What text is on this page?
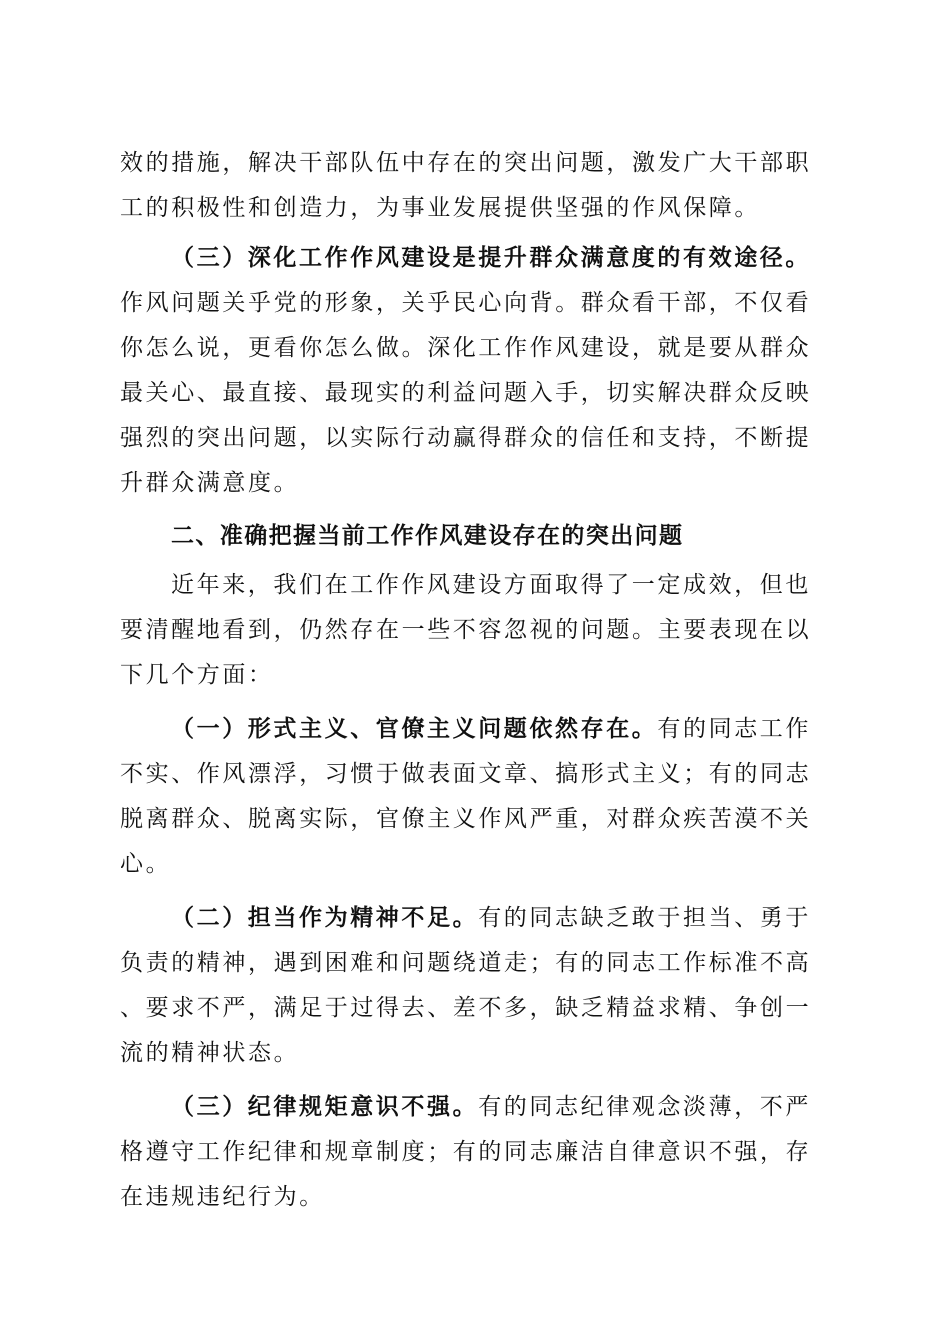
效的措施，解决干部队伍中存在的突出问题，激发广大干部职工的积极性和创造力，为事业发展提供坚强的作风保障。

（三）深化工作作风建设是提升群众满意度的有效途径。作风问题关乎党的形象，关乎民心向背。群众看干部，不仅看你怎么说，更看你怎么做。深化工作作风建设，就是要从群众最关心、最直接、最现实的利益问题入手，切实解决群众反映强烈的突出问题，以实际行动赢得群众的信任和支持，不断提升群众满意度。

二、准确把握当前工作作风建设存在的突出问题

近年来，我们在工作作风建设方面取得了一定成效，但也要清醒地看到，仍然存在一些不容忽视的问题。主要表现在以下几个方面：

（一）形式主义、官僚主义问题依然存在。有的同志工作不实、作风漂浮，习惯于做表面文章、搞形式主义；有的同志脱离群众、脱离实际，官僚主义作风严重，对群众疾苦漠不关心。

（二）担当作为精神不足。有的同志缺乏敢于担当、勇于负责的精神，遇到困难和问题绕道走；有的同志工作标准不高、要求不严，满足于过得去、差不多，缺乏精益求精、争创一流的精神状态。

（三）纪律规矩意识不强。有的同志纪律观念淡薄，不严格遵守工作纪律和规章制度；有的同志廉洁自律意识不强，存在违规违纪行为。
